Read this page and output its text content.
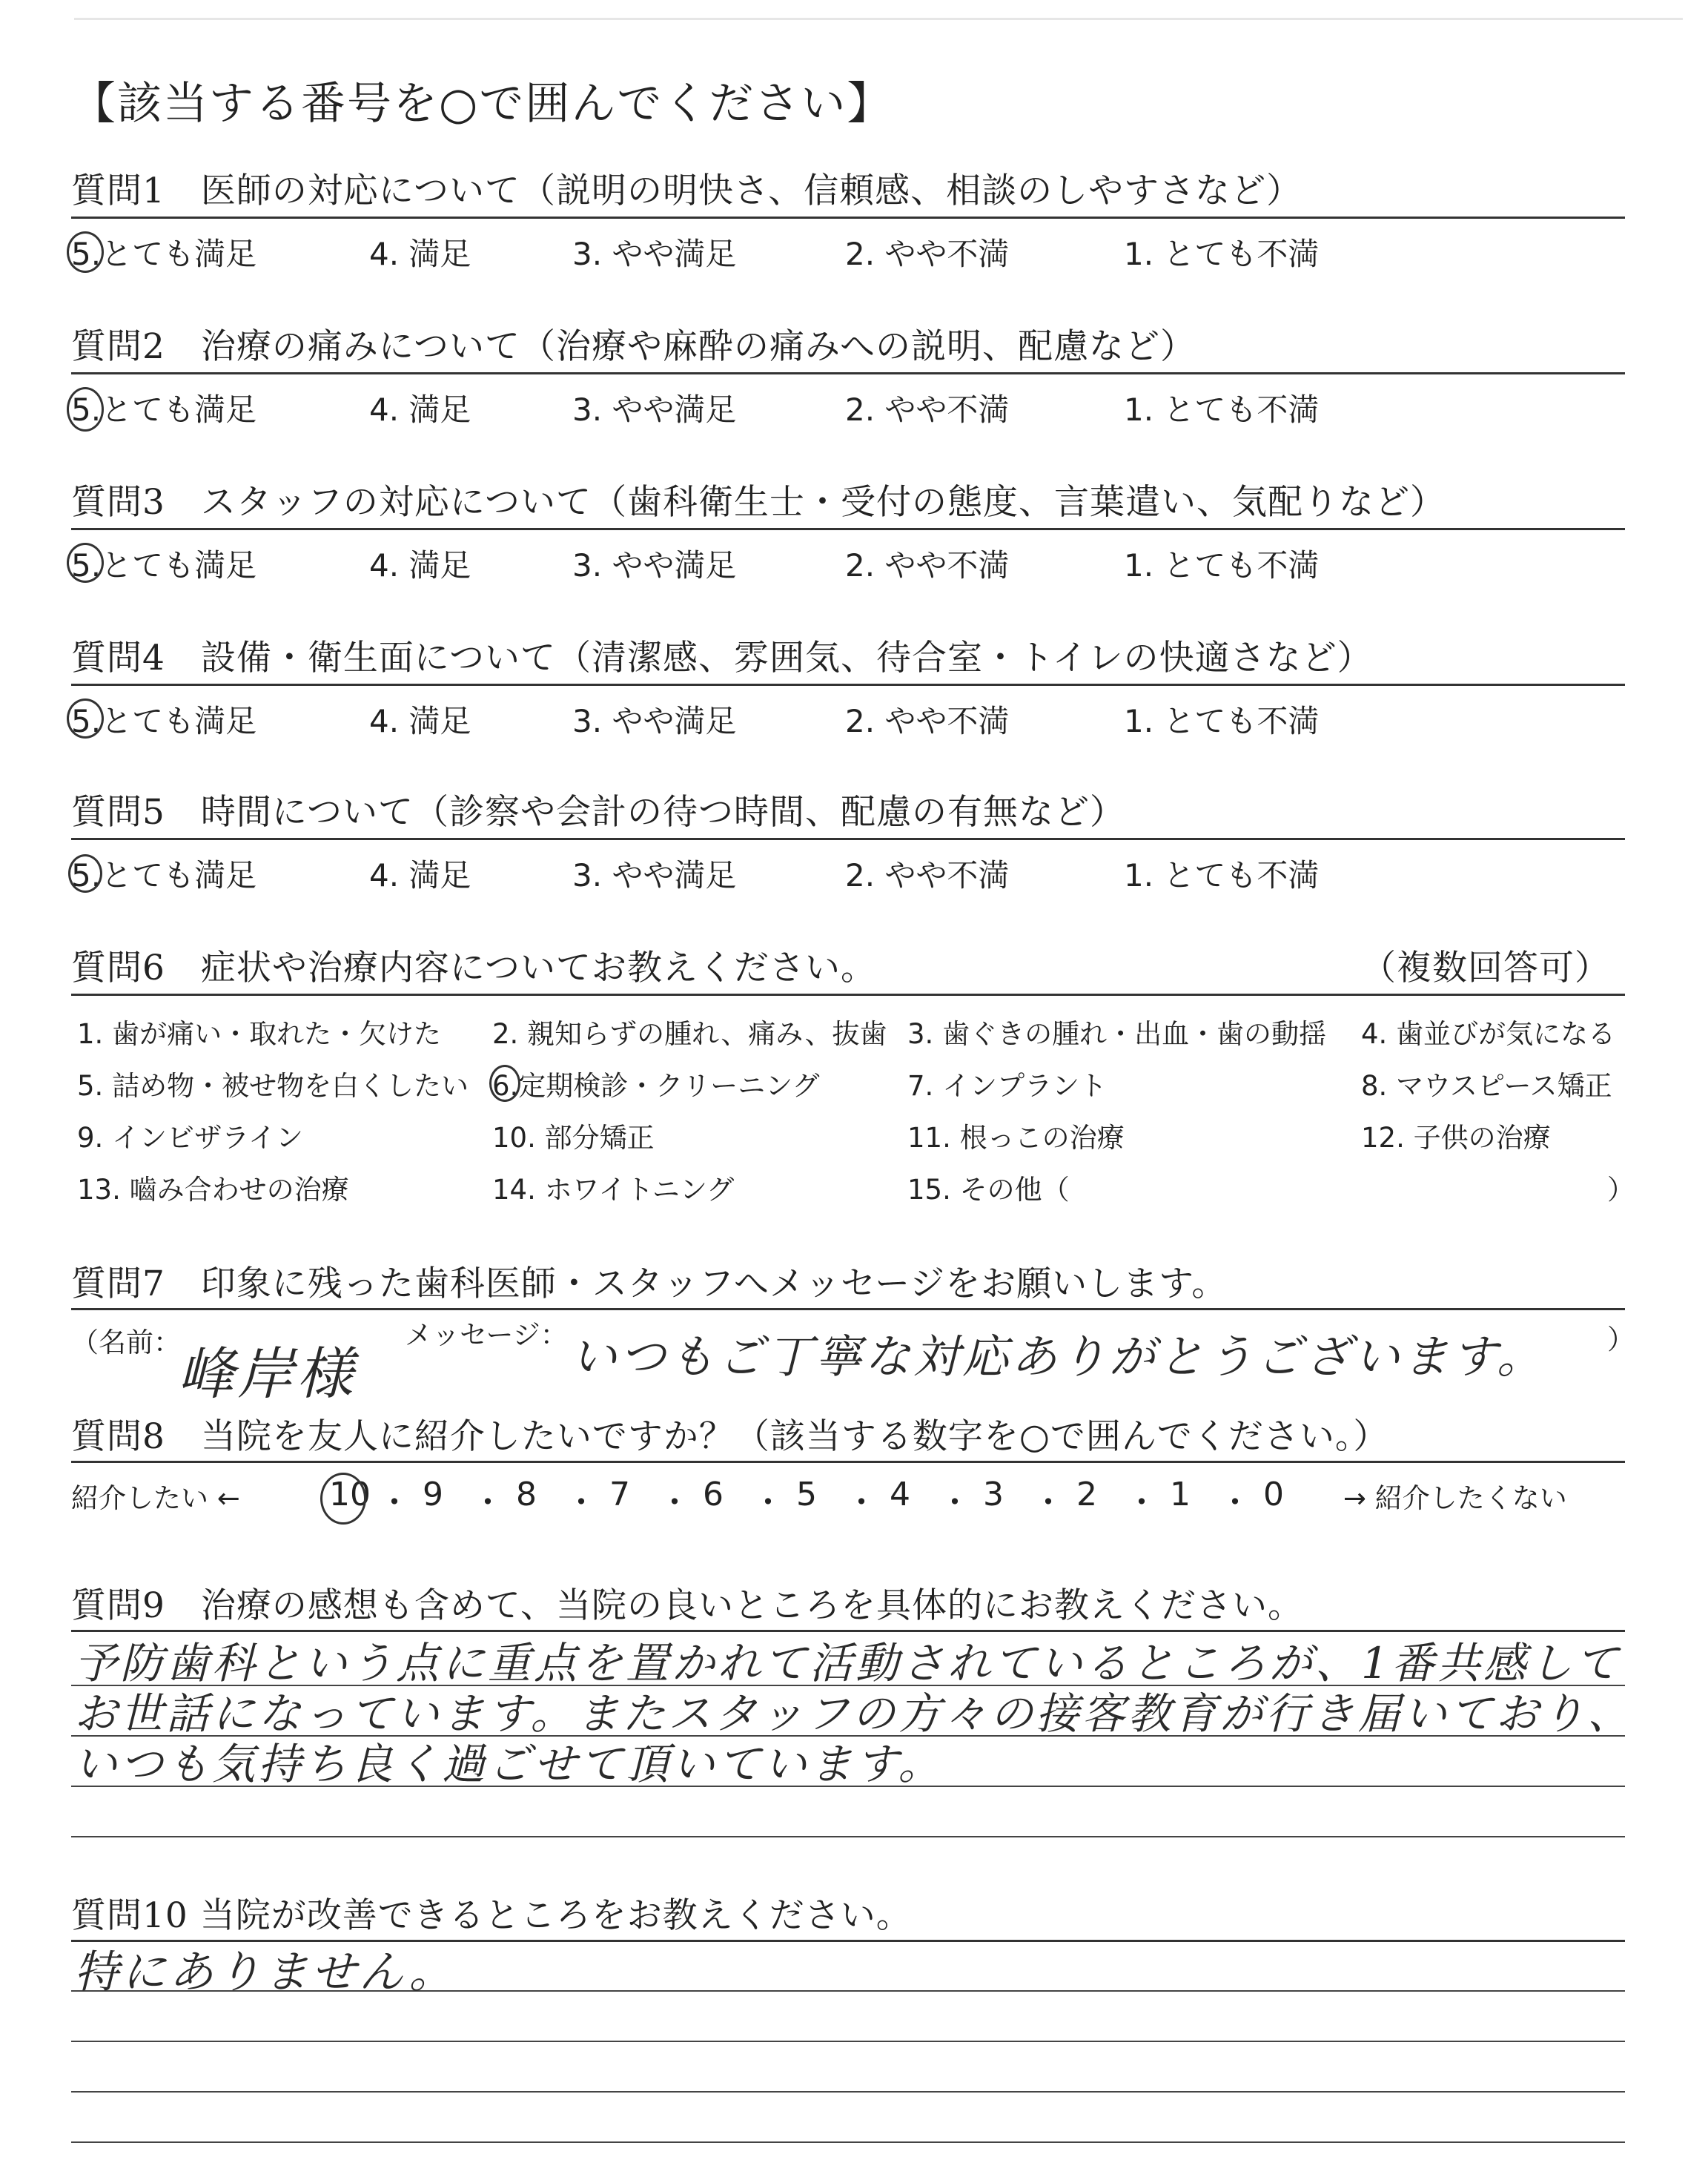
【該当する番号を○で囲んでください】
質問1　医師の対応について（説明の明快さ、信頼感、相談のしやすさなど）
5.とても満足	4. 満足	3. やや満足	2. やや不満	1. とても不満
質問2　治療の痛みについて（治療や麻酔の痛みへの説明、配慮など）
5.とても満足	4. 満足	3. やや満足	2. やや不満	1. とても不満
質問3　スタッフの対応について（歯科衛生士・受付の態度、言葉遣い、気配りなど）
5.とても満足	4. 満足	3. やや満足	2. やや不満	1. とても不満
質問4　設備・衛生面について（清潔感、雰囲気、待合室・トイレの快適さなど）
5.とても満足	4. 満足	3. やや満足	2. やや不満	1. とても不満
質問5　時間について（診察や会計の待つ時間、配慮の有無など）
5.とても満足	4. 満足	3. やや満足	2. やや不満	1. とても不満
質問6　症状や治療内容についてお教えください。	（複数回答可）
1. 歯が痛い・取れた・欠けた 2. 親知らずの腫れ、痛み、抜歯 3. 歯ぐきの腫れ・出血・歯の動揺 4. 歯並びが気になる
5. 詰め物・被せ物を白くしたい 6.定期検診・クリーニング	7. インプラント	8. マウスピース矯正
9. インビザライン	10. 部分矯正	11. 根っこの治療	12. 子供の治療
13. 嚙み合わせの治療	14. ホワイトニング	15. その他（	）
質問7　印象に残った歯科医師・スタッフへメッセージをお願いします。
（名前：
峰岸様
メッセージ： いつもご丁寧な対応ありがとうございます。 ）
質問8　当院を友人に紹介したいですか？（該当する数字を○で囲んでください。）
紹介したい ←	→ 紹介したくない
10 ・ 9 ・ 8 ・ 7 ・ 6 ・ 5 ・ 4 ・ 3 ・ 2 ・ 1 ・ 0
質問9　治療の感想も含めて、当院の良いところを具体的にお教えください。
予防歯科という点に重点を置かれて活動されているところが、1番共感して
お世話になっています。またスタッフの方々の接客教育が行き届いており、
いつも気持ち良く過ごせて頂いています。
質問10 当院が改善できるところをお教えください。
特にありません。
